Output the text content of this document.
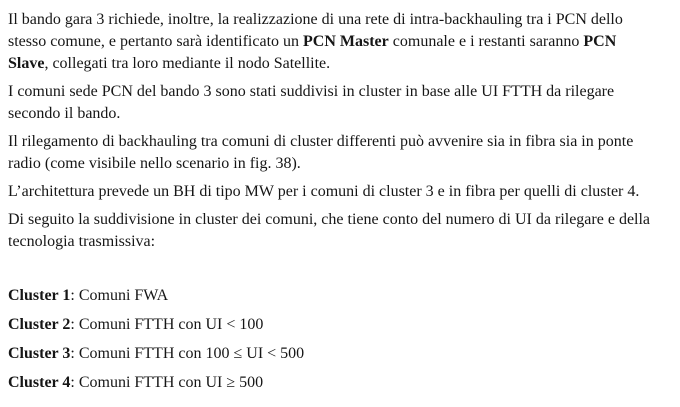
Il bando gara 3 richiede, inoltre, la realizzazione di una rete di intra-backhauling tra i PCN dello
stesso comune, e pertanto sarà identificato un PCN Master comunale e i restanti saranno PCN
Slave, collegati tra loro mediante il nodo Satellite.

I comuni sede PCN del bando 3 sono stati suddivisi in cluster in base alle UI FTTH da rilegare
secondo il bando.

Il rilegamento di backhauling tra comuni di cluster differenti può avvenire sia in fibra sia in ponte
radio (come visibile nello scenario in fig. 38).

L’architettura prevede un BH di tipo MW per i comuni di cluster 3 e in fibra per quelli di cluster 4.

Di seguito la suddivisione in cluster dei comuni, che tiene conto del numero di UI da rilegare e della
tecnologia trasmissiva:

Cluster 1: Comuni FWA

Cluster 2: Comuni FTTH con UI < 100

Cluster 3: Comuni FTTH con 100 ≤ UI < 500

Cluster 4: Comuni FTTH con UI ≥ 500
